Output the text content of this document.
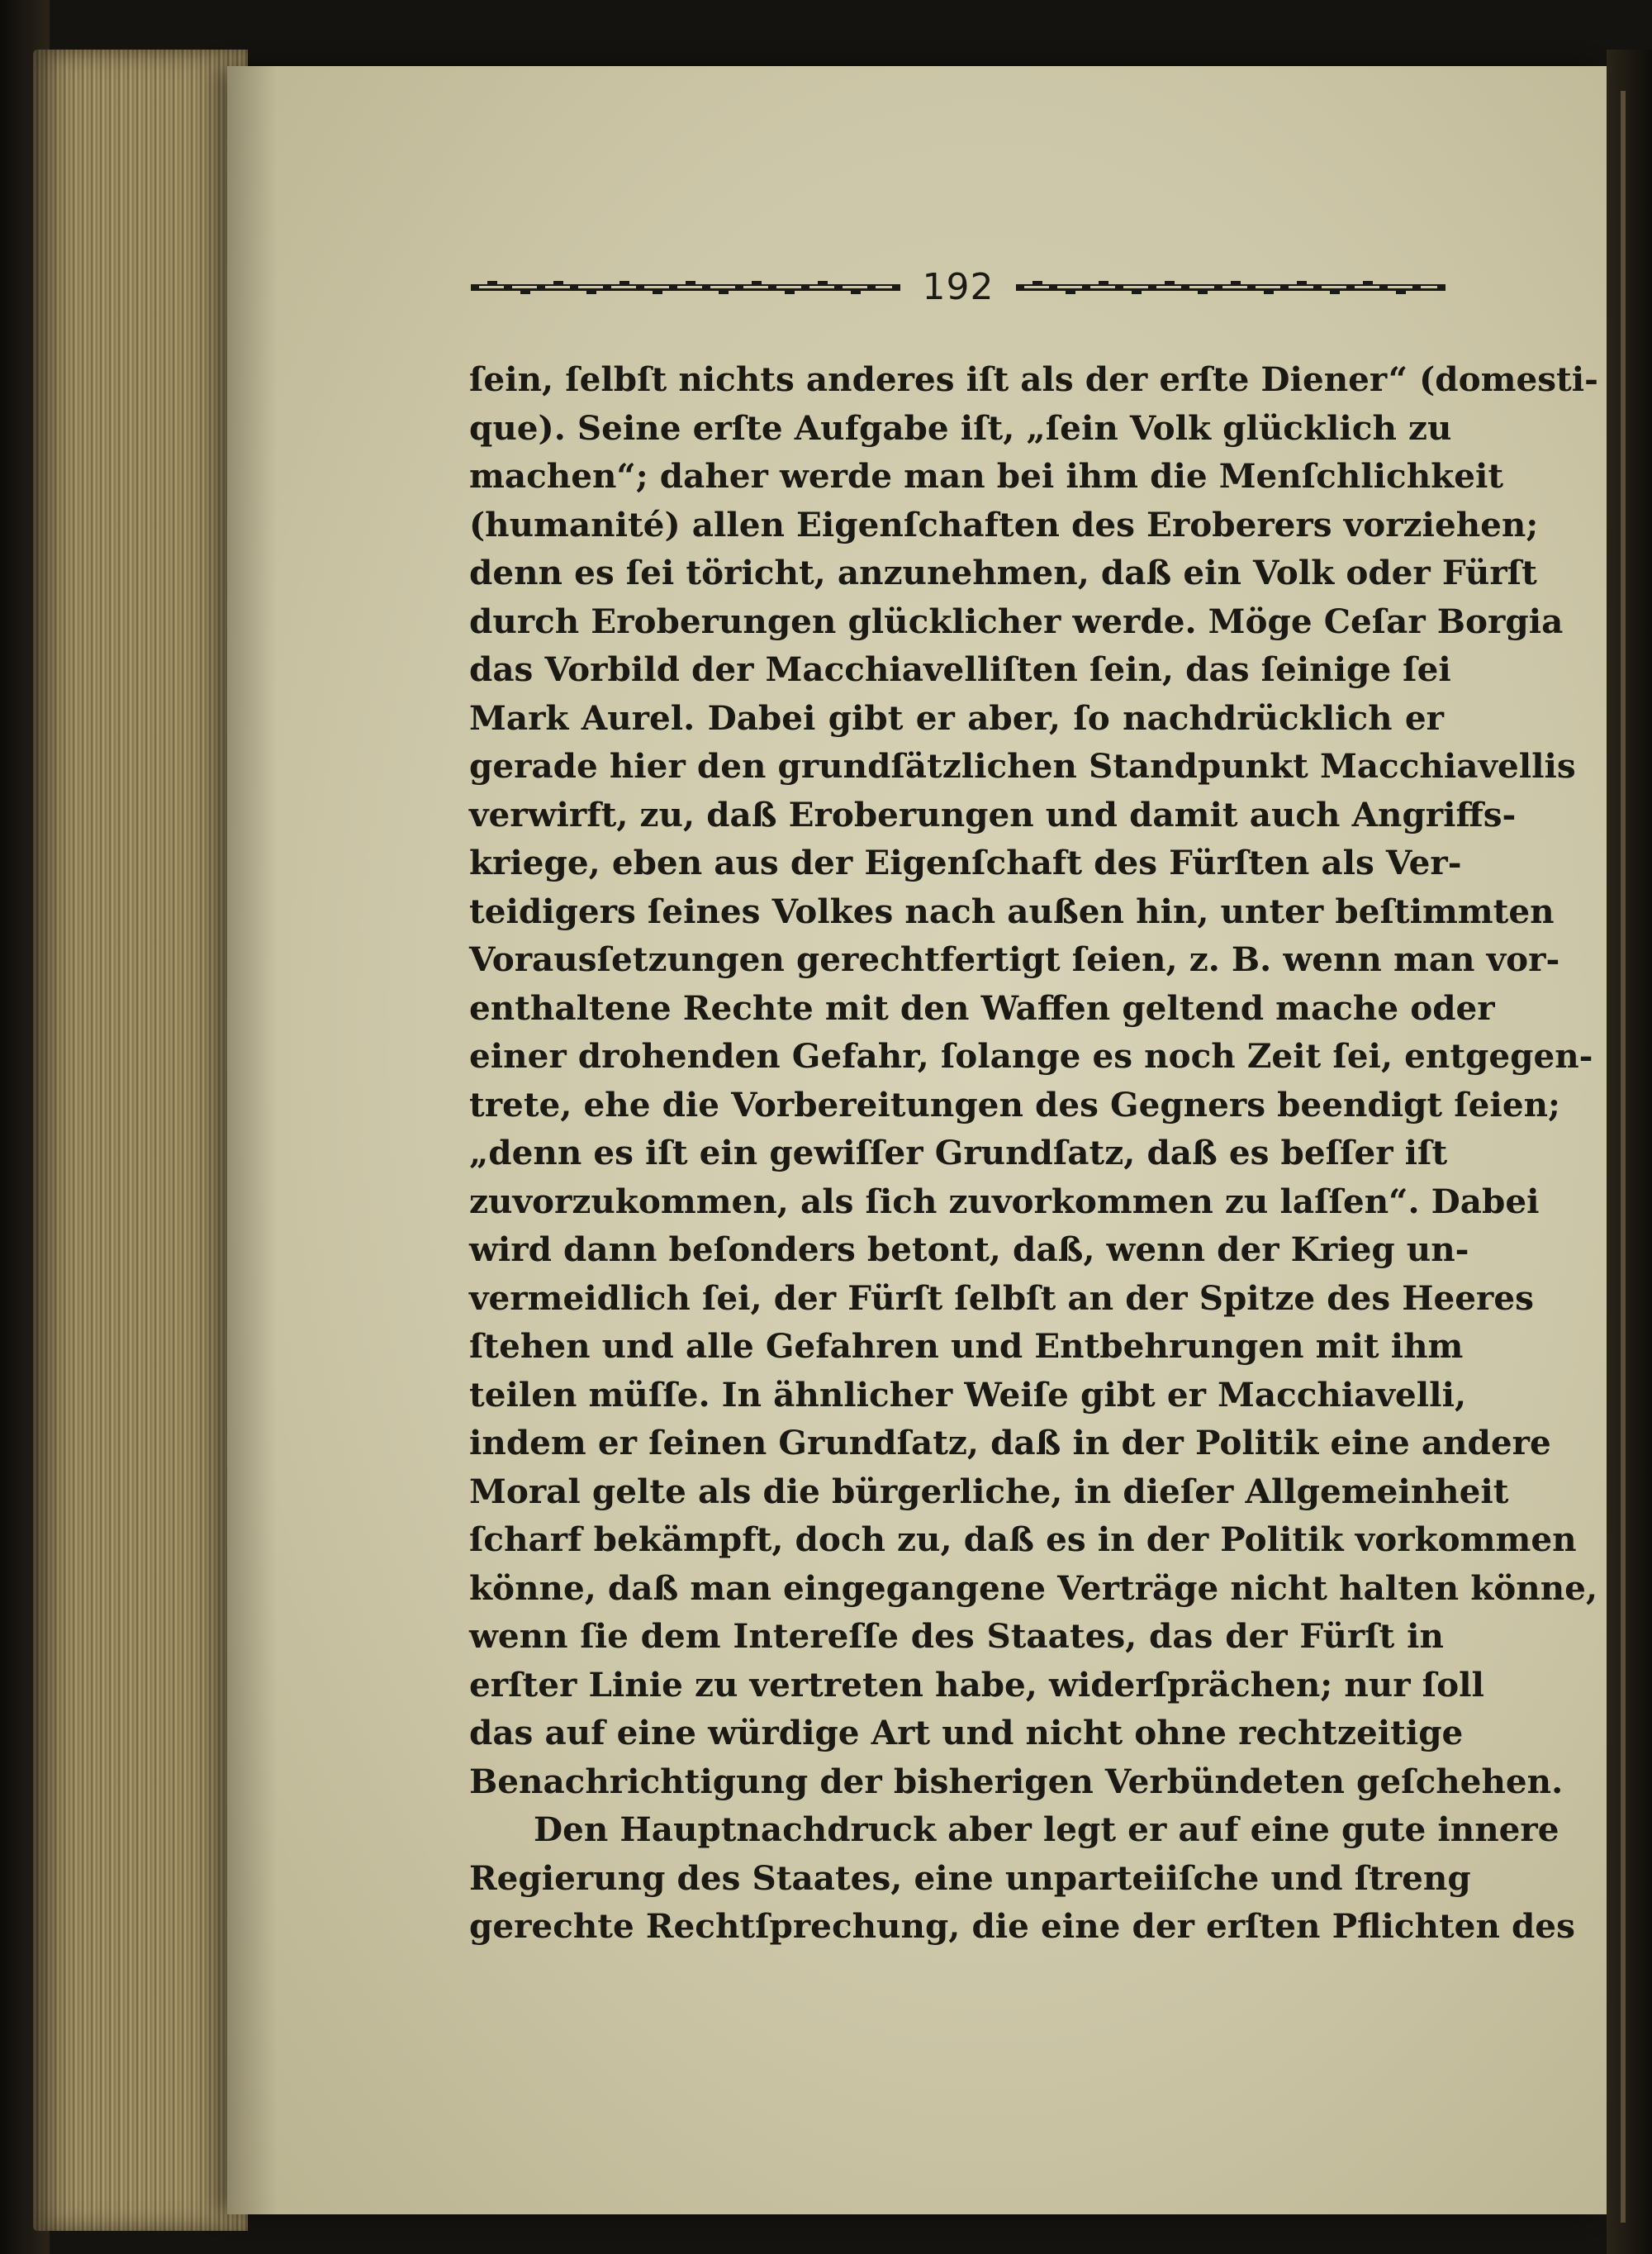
192
ſein, ſelbſt nichts anderes iſt als der erſte Diener“ (domesti-
que). Seine erſte Aufgabe iſt, „ſein Volk glücklich zu
machen“; daher werde man bei ihm die Menſchlichkeit
(humanité) allen Eigenſchaften des Eroberers vorziehen;
denn es ſei töricht, anzunehmen, daß ein Volk oder Fürſt
durch Eroberungen glücklicher werde. Möge Ceſar Borgia
das Vorbild der Macchiavelliſten ſein, das ſeinige ſei
Mark Aurel. Dabei gibt er aber, ſo nachdrücklich er
gerade hier den grundſätzlichen Standpunkt Macchiavellis
verwirft, zu, daß Eroberungen und damit auch Angriffs-
kriege, eben aus der Eigenſchaft des Fürſten als Ver-
teidigers ſeines Volkes nach außen hin, unter beſtimmten
Vorausſetzungen gerechtfertigt ſeien, z. B. wenn man vor-
enthaltene Rechte mit den Waffen geltend mache oder
einer drohenden Gefahr, ſolange es noch Zeit ſei, entgegen-
trete, ehe die Vorbereitungen des Gegners beendigt ſeien;
„denn es iſt ein gewiſſer Grundſatz, daß es beſſer iſt
zuvorzukommen, als ſich zuvorkommen zu laſſen“. Dabei
wird dann beſonders betont, daß, wenn der Krieg un-
vermeidlich ſei, der Fürſt ſelbſt an der Spitze des Heeres
ſtehen und alle Gefahren und Entbehrungen mit ihm
teilen müſſe. In ähnlicher Weiſe gibt er Macchiavelli,
indem er ſeinen Grundſatz, daß in der Politik eine andere
Moral gelte als die bürgerliche, in dieſer Allgemeinheit
ſcharf bekämpft, doch zu, daß es in der Politik vorkommen
könne, daß man eingegangene Verträge nicht halten könne,
wenn ſie dem Intereſſe des Staates, das der Fürſt in
erſter Linie zu vertreten habe, widerſprächen; nur ſoll
das auf eine würdige Art und nicht ohne rechtzeitige
Benachrichtigung der bisherigen Verbündeten geſchehen.
Den Hauptnachdruck aber legt er auf eine gute innere
Regierung des Staates, eine unparteiiſche und ſtreng
gerechte Rechtſprechung, die eine der erſten Pflichten des
